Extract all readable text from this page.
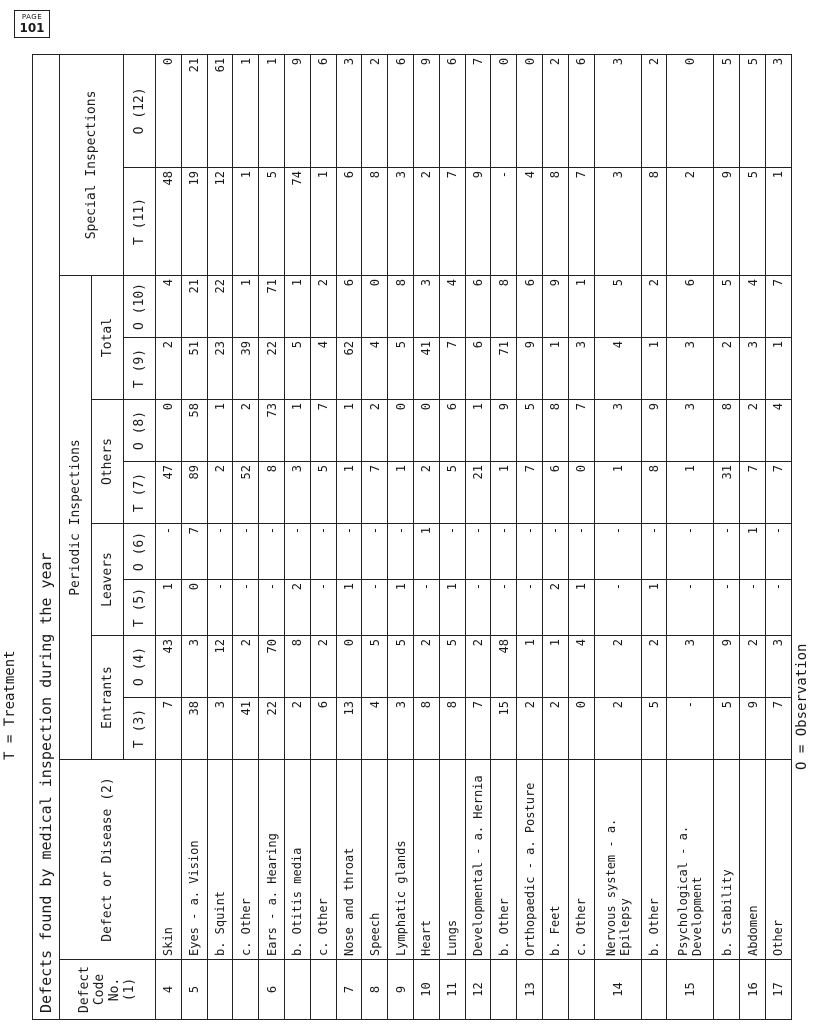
PAGE
101
Defects found by medical inspection during the year											
Defect Code No. (1)	Defect or Disease (2)	Periodic Inspections								Special Inspections	
		Entrants		Leavers		Others		Total			
		T (3)	O (4)	T (5)	O (6)	T (7)	O (8)	T (9)	O (10)	T (11)	O (12)
4	Skin	7	43	1	-	47	0	2	4	48	0
5	Eyes - a. Vision	38	3	0	7	89	58	51	21	19	21
	b. Squint	3	12	-	-	2	1	23	22	12	61
	c. Other	41	2	-	-	52	2	39	1	1	1
6	Ears - a. Hearing	22	70	-	-	8	73	22	71	5	1
	b. Otitis media	2	8	2	-	3	1	5	1	74	9
	c. Other	6	2	-	-	5	7	4	2	1	6
7	Nose and throat	13	0	1	-	1	1	62	6	6	3
8	Speech	4	5	-	-	7	2	4	0	8	2
9	Lymphatic glands	3	5	1	-	1	0	5	8	3	6
10	Heart	8	2	-	1	2	0	41	3	2	9
11	Lungs	8	5	1	-	5	6	7	4	7	6
12	Developmental - a. Hernia	7	2	-	-	21	1	6	6	9	7
	b. Other	15	48	-	-	1	9	71	8	-	0
13	Orthopaedic - a. Posture	2	1	-	-	7	5	9	6	4	0
	b. Feet	2	1	2	-	6	8	1	9	8	2
	c. Other	0	4	1	-	0	7	3	1	7	6
14	Nervous system - a. Epilepsy	2	2	-	-	1	3	4	5	3	3
	b. Other	5	2	1	-	8	9	1	2	8	2
15	Psychological - a. Development	-	3	-	-	1	3	3	6	2	0
	b. Stability	5	9	-	-	31	8	2	5	9	5
16	Abdomen	9	2	-	1	7	2	3	4	5	5
17	Other	7	3	-	-	7	4	1	7	1	3
T = Treatment	O = Observation
